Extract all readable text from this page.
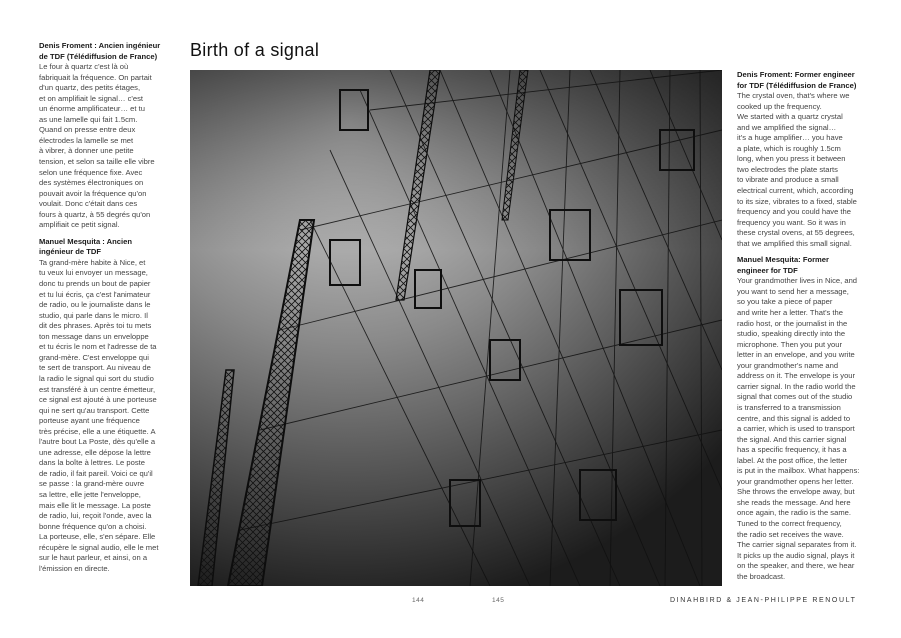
Denis Froment : Ancien ingénieur
de TDF (Télédiffusion de France)
Le four à quartz c'est là où
fabriquait la fréquence. On partait
d'un quartz, des petits étages,
et on amplifiait le signal… c'est
un énorme amplificateur… et tu
as une lamelle qui fait 1.5cm.
Quand on presse entre deux
électrodes la lamelle se met
à vibrer, à donner une petite
tension, et selon sa taille elle vibre
selon une fréquence fixe. Avec
des systèmes électroniques on
pouvait avoir la fréquence qu'on
voulait. Donc c'était dans ces
fours à quartz, à 55 degrés qu'on
amplifiait ce petit signal.
Manuel Mesquita : Ancien
ingénieur de TDF
Ta grand-mère habite à Nice, et
tu veux lui envoyer un message,
donc tu prends un bout de papier
et tu lui écris, ça c'est l'animateur
de radio, ou le journaliste dans le
studio, qui parle dans le micro. Il
dit des phrases. Après toi tu mets
ton message dans un enveloppe
et tu écris le nom et l'adresse de ta
grand-mère. C'est enveloppe qui
te sert de transport. Au niveau de
la radio le signal qui sort du studio
est transféré à un centre émetteur,
ce signal est ajouté à une porteuse
qui ne sert qu'au transport. Cette
porteuse ayant une fréquence
très précise, elle a une étiquette. A
l'autre bout La Poste, dès qu'elle a
une adresse, elle dépose la lettre
dans la boîte à lettres. Le poste
de radio, il fait pareil. Voici ce qu'il
se passe : la grand-mère ouvre
sa lettre, elle jette l'enveloppe,
mais elle lit le message. La poste
de radio, lui, reçoit l'onde, avec la
bonne fréquence qu'on a choisi.
La porteuse, elle, s'en sépare. Elle
récupère le signal audio, elle le met
sur le haut parleur, et ainsi, on a
l'émission en directe.
Birth of a signal
Denis Froment: Former engineer
for TDF (Télédiffusion de France)
The crystal oven, that's where we
cooked up the frequency.
We started with a quartz crystal
and we amplified the signal…
it's a huge amplifier… you have
a plate, which is roughly 1.5cm
long, when you press it between
two electrodes the plate starts
to vibrate and produce a small
electrical current, which, according
to its size, vibrates to a fixed, stable
frequency and you could have the
frequency you want. So it was in
these crystal ovens, at 55 degrees,
that we amplified this small signal.
Manuel Mesquita: Former
engineer for TDF
Your grandmother lives in Nice, and
you want to send her a message,
so you take a piece of paper
and write her a letter. That's the
radio host, or the journalist in the
studio, speaking directly into the
microphone. Then you put your
letter in an envelope, and you write
your grandmother's name and
address on it. The envelope is your
carrier signal. In the radio world the
signal that comes out of the studio
is transferred to a transmission
centre, and this signal is added to
a carrier, which is used to transport
the signal. And this carrier signal
has a specific frequency, it has a
label. At the post office, the letter
is put in the mailbox. What happens:
your grandmother opens her letter.
She throws the envelope away, but
she reads the message. And here
once again, the radio is the same.
Tuned to the correct frequency,
the radio set receives the wave.
The carrier signal separates from it.
It picks up the audio signal, plays it
on the speaker, and there, we hear
the broadcast.
144	145	DINAHBIRD & JEAN-PHILIPPE RENOULT
